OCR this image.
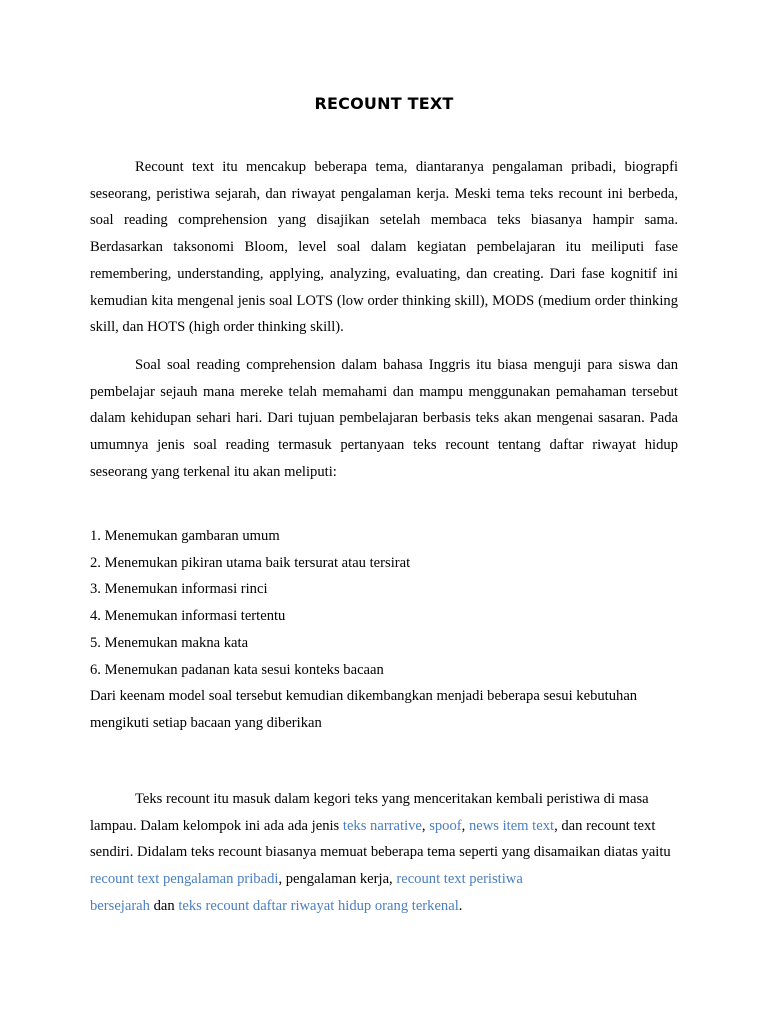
RECOUNT TEXT

Recount text itu mencakup beberapa tema, diantaranya pengalaman pribadi, biograpfi seseorang, peristiwa sejarah, dan riwayat pengalaman kerja. Meski tema teks recount ini berbeda, soal reading comprehension yang disajikan setelah membaca teks biasanya hampir sama. Berdasarkan taksonomi Bloom, level soal dalam kegiatan pembelajaran itu meiliputi fase remembering, understanding, applying, analyzing, evaluating, dan creating. Dari fase kognitif ini kemudian kita mengenal jenis soal LOTS (low order thinking skill), MODS (medium order thinking skill, dan HOTS (high order thinking skill).

Soal soal reading comprehension dalam bahasa Inggris itu biasa menguji para siswa dan pembelajar sejauh mana mereke telah memahami dan mampu menggunakan pemahaman tersebut dalam kehidupan sehari hari. Dari tujuan pembelajaran berbasis teks akan mengenai sasaran. Pada umumnya jenis soal reading termasuk pertanyaan teks recount tentang daftar riwayat hidup seseorang yang terkenal itu akan meliputi:

1. Menemukan gambaran umum
2. Menemukan pikiran utama baik tersurat atau tersirat
3. Menemukan informasi rinci
4. Menemukan informasi tertentu
5. Menemukan makna kata
6. Menemukan padanan kata sesui konteks bacaan

Dari keenam model soal tersebut kemudian dikembangkan menjadi beberapa sesui kebutuhan mengikuti setiap bacaan yang diberikan

Teks recount itu masuk dalam kegori teks yang menceritakan kembali peristiwa di masa lampau. Dalam kelompok ini ada ada jenis teks narrative, spoof, news item text, dan recount text sendiri. Didalam teks recount biasanya memuat beberapa tema seperti yang disamaikan diatas yaitu recount text pengalaman pribadi, pengalaman kerja, recount text peristiwa
bersejarah dan teks recount daftar riwayat hidup orang terkenal.
